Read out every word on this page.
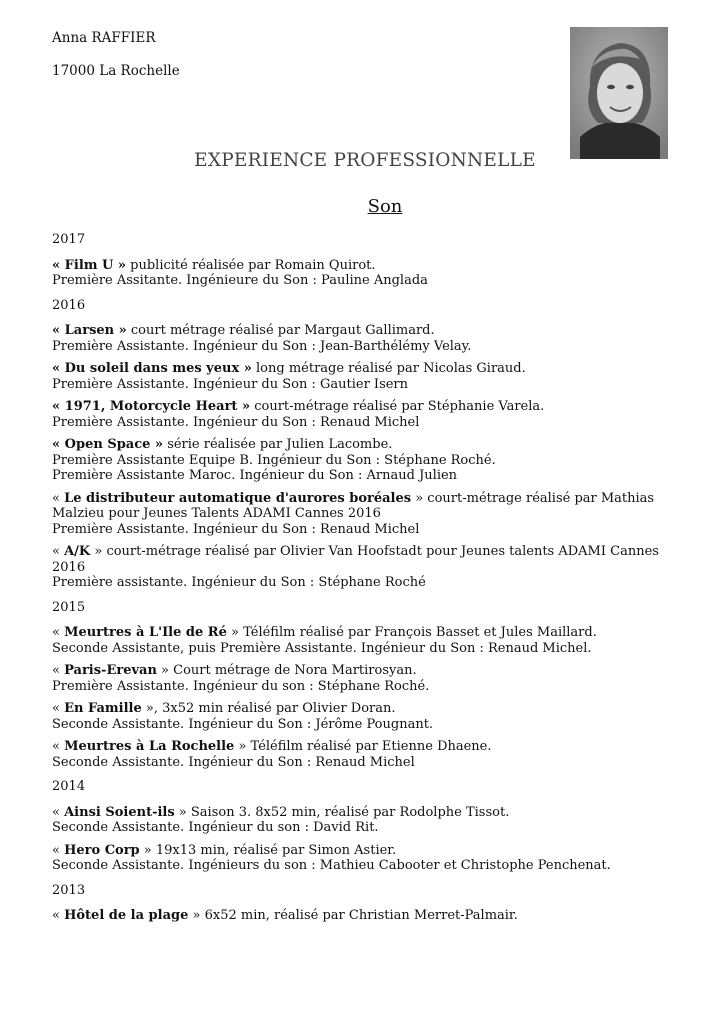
Anna RAFFIER
17000 La Rochelle
EXPERIENCE PROFESSIONNELLE
Son
2017

« Film U » publicité réalisée par Romain Quirot.

Première Assitante. Ingénieure du Son : Pauline Anglada

2016

« Larsen » court métrage réalisé par Margaut Gallimard.

Première Assistante. Ingénieur du Son : Jean-Barthélémy Velay.

« Du soleil dans mes yeux » long métrage réalisé par Nicolas Giraud.

Première Assistante. Ingénieur du Son : Gautier Isern

« 1971, Motorcycle Heart » court-métrage réalisé par Stéphanie Varela.

Première Assistante. Ingénieur du Son : Renaud Michel

« Open Space » série réalisée par Julien Lacombe.

Première Assistante Equipe B. Ingénieur du Son : Stéphane Roché.

Première Assistante Maroc. Ingénieur du Son : Arnaud Julien

« Le distributeur automatique d'aurores boréales » court-métrage réalisé par Mathias Malzieu pour Jeunes Talents ADAMI Cannes 2016

Première Assistante. Ingénieur du Son : Renaud Michel

« A/K » court-métrage réalisé par Olivier Van Hoofstadt pour Jeunes talents ADAMI Cannes 2016

Première assistante. Ingénieur du Son : Stéphane Roché

2015

« Meurtres à L'Ile de Ré » Téléfilm réalisé par François Basset et Jules Maillard.

Seconde Assistante, puis Première Assistante. Ingénieur du Son : Renaud Michel.

« Paris-Erevan » Court métrage de Nora Martirosyan.

Première Assistante. Ingénieur du son : Stéphane Roché.

« En Famille », 3x52 min réalisé par Olivier Doran.

Seconde Assistante. Ingénieur du Son : Jérôme Pougnant.

« Meurtres à La Rochelle » Téléfilm réalisé par Etienne Dhaene.

Seconde Assistante. Ingénieur du Son : Renaud Michel

2014

« Ainsi Soient-ils » Saison 3. 8x52 min, réalisé par Rodolphe Tissot.

Seconde Assistante. Ingénieur du son : David Rit.

« Hero Corp » 19x13 min, réalisé par Simon Astier.

Seconde Assistante. Ingénieurs du son : Mathieu Cabooter et Christophe Penchenat.

2013

« Hôtel de la plage » 6x52 min, réalisé par Christian Merret-Palmair.
